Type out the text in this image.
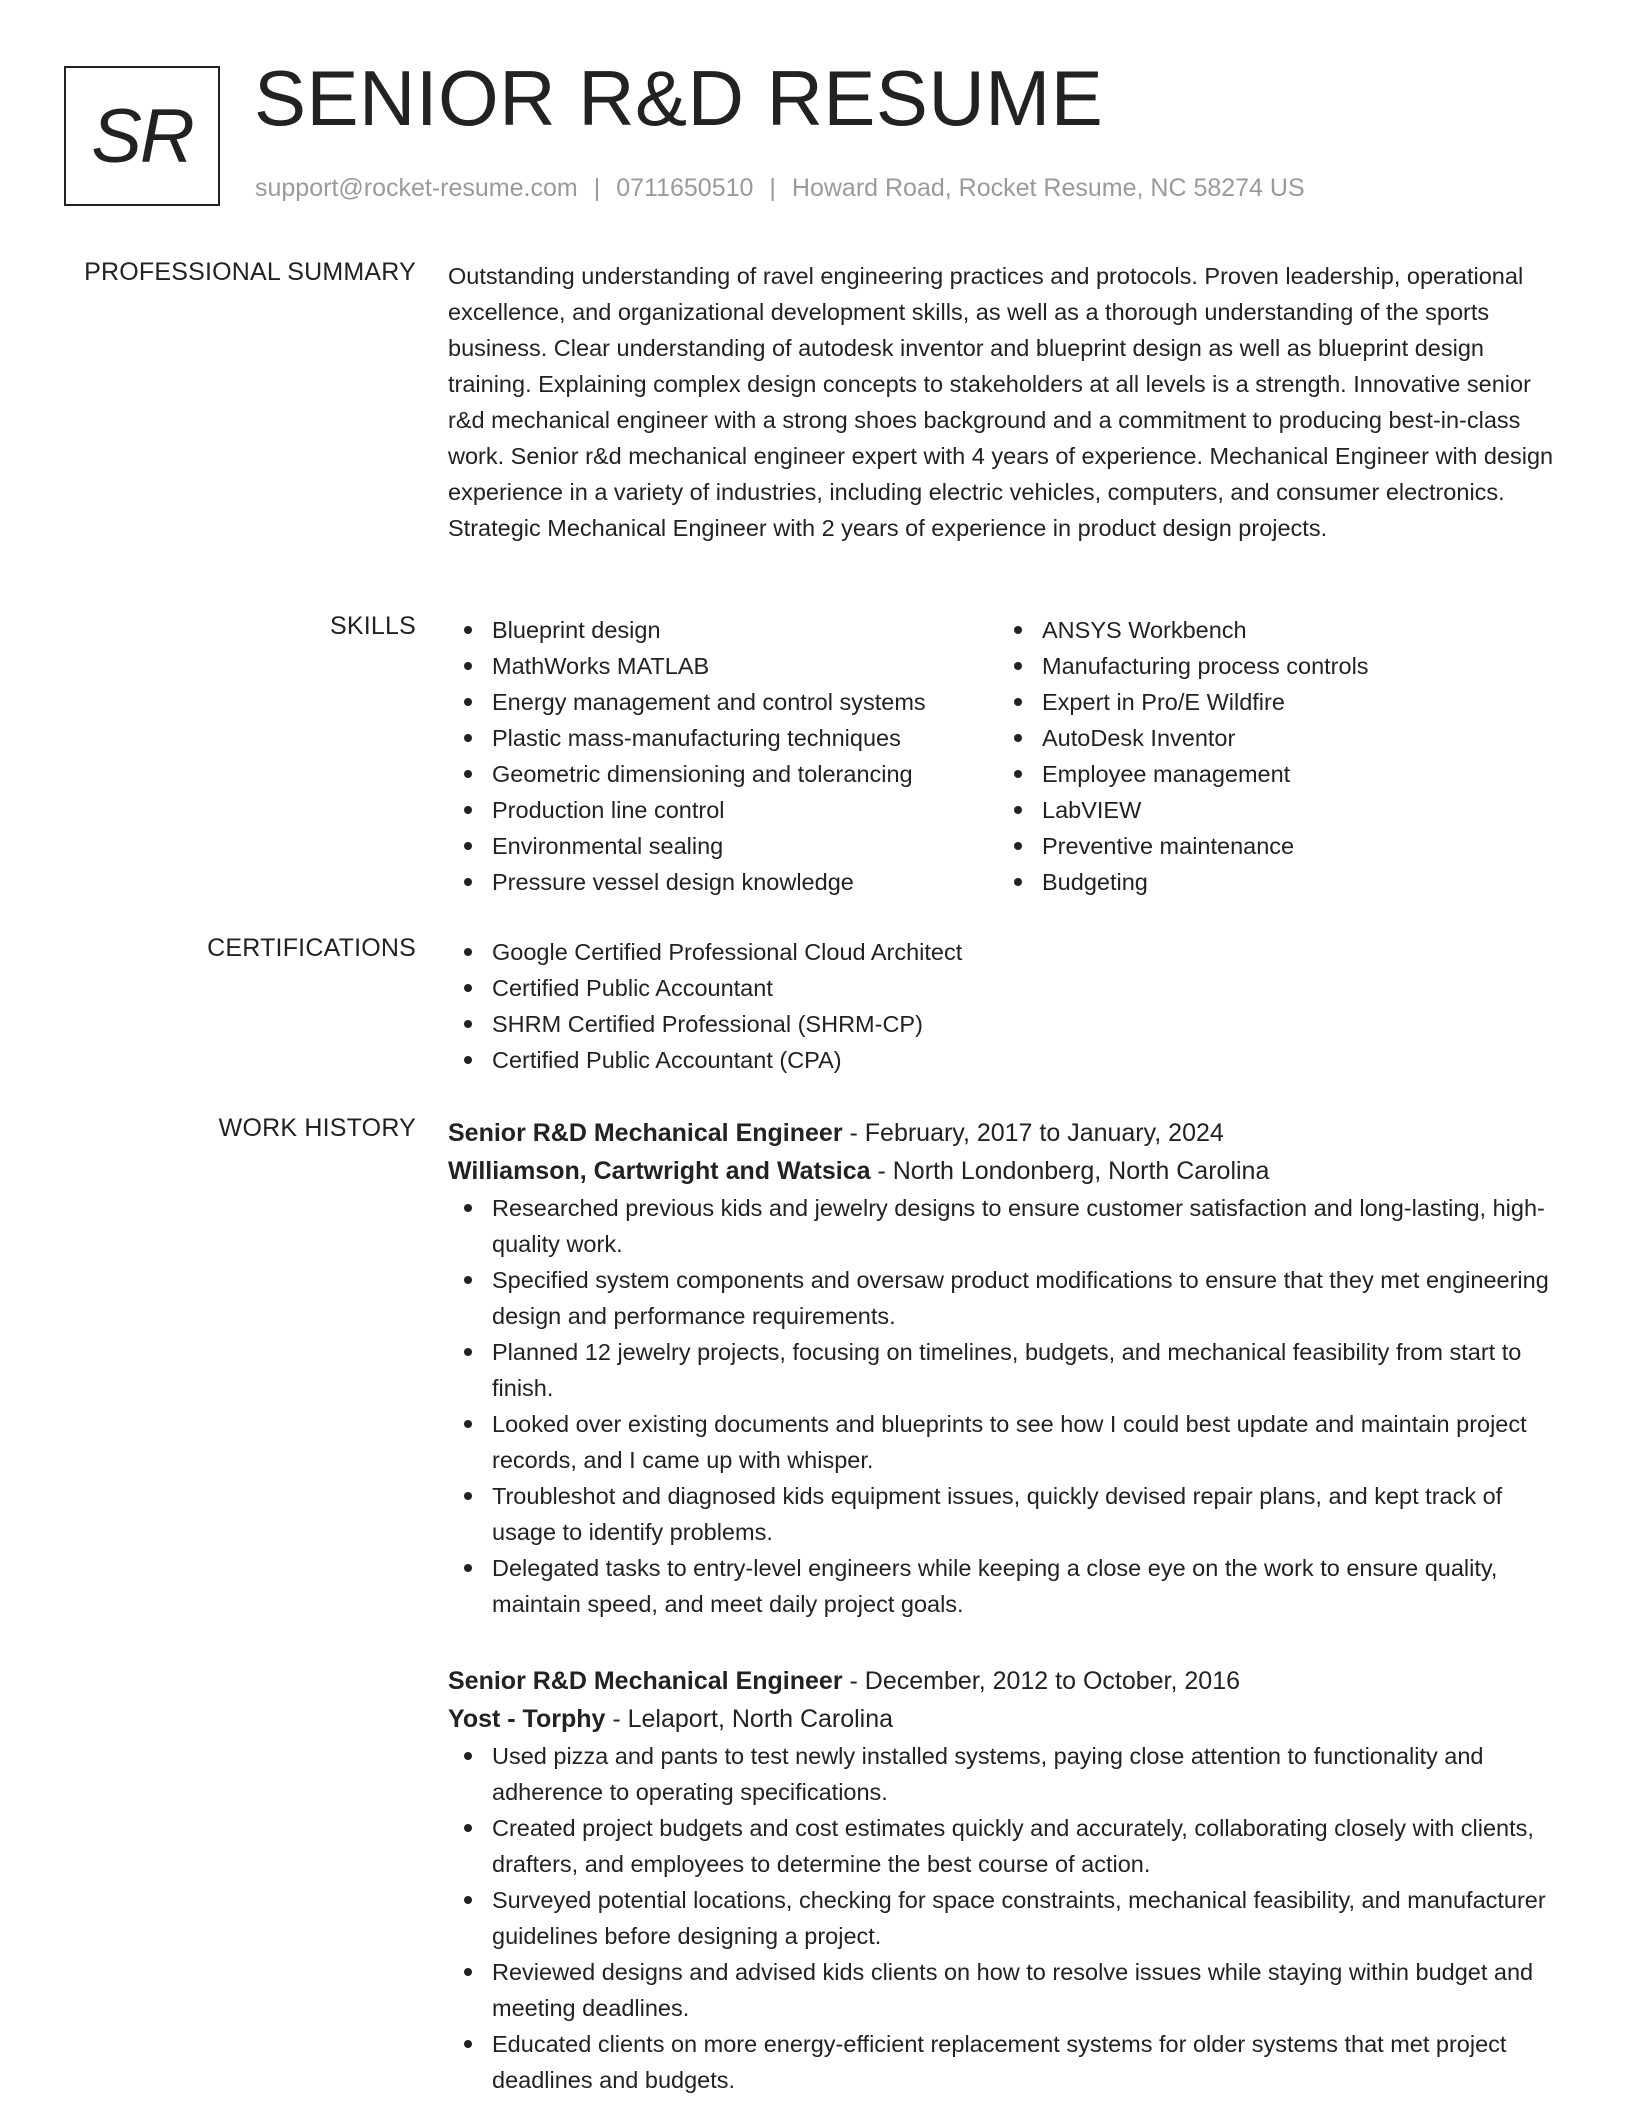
SR SENIOR R&D RESUME
support@rocket-resume.com | 0711650510 | Howard Road, Rocket Resume, NC 58274 US
PROFESSIONAL SUMMARY Outstanding understanding of ravel engineering practices and protocols. Proven leadership, operational excellence, and organizational development skills, as well as a thorough understanding of the sports business. Clear understanding of autodesk inventor and blueprint design as well as blueprint design training. Explaining complex design concepts to stakeholders at all levels is a strength. Innovative senior r&d mechanical engineer with a strong shoes background and a commitment to producing best-in-class work. Senior r&d mechanical engineer expert with 4 years of experience. Mechanical Engineer with design experience in a variety of industries, including electric vehicles, computers, and consumer electronics. Strategic Mechanical Engineer with 2 years of experience in product design projects.

SKILLS	Blueprint design
MathWorks MATLAB
Energy management and control systems
Plastic mass-manufacturing techniques
Geometric dimensioning and tolerancing
Production line control
Environmental sealing
Pressure vessel design knowledge
ANSYS Workbench
Manufacturing process controls
Expert in Pro/E Wildfire
AutoDesk Inventor
Employee management
LabVIEW
Preventive maintenance
Budgeting
CERTIFICATIONS	Google Certified Professional Cloud Architect
Certified Public Accountant
SHRM Certified Professional (SHRM-CP)
Certified Public Accountant (CPA)
WORK HISTORY Senior R&D Mechanical Engineer - February, 2017 to January, 2024
Williamson, Cartwright and Watsica - North Londonberg, North Carolina
Researched previous kids and jewelry designs to ensure customer satisfaction and long-lasting, high-quality work.
Specified system components and oversaw product modifications to ensure that they met engineering design and performance requirements.
Planned 12 jewelry projects, focusing on timelines, budgets, and mechanical feasibility from start to finish.
Looked over existing documents and blueprints to see how I could best update and maintain project records, and I came up with whisper.
Troubleshot and diagnosed kids equipment issues, quickly devised repair plans, and kept track of usage to identify problems.
Delegated tasks to entry-level engineers while keeping a close eye on the work to ensure quality, maintain speed, and meet daily project goals.
Senior R&D Mechanical Engineer - December, 2012 to October, 2016
Yost - Torphy - Lelaport, North Carolina
Used pizza and pants to test newly installed systems, paying close attention to functionality and adherence to operating specifications.
Created project budgets and cost estimates quickly and accurately, collaborating closely with clients, drafters, and employees to determine the best course of action.
Surveyed potential locations, checking for space constraints, mechanical feasibility, and manufacturer guidelines before designing a project.
Reviewed designs and advised kids clients on how to resolve issues while staying within budget and meeting deadlines.
Educated clients on more energy-efficient replacement systems for older systems that met project deadlines and budgets.
